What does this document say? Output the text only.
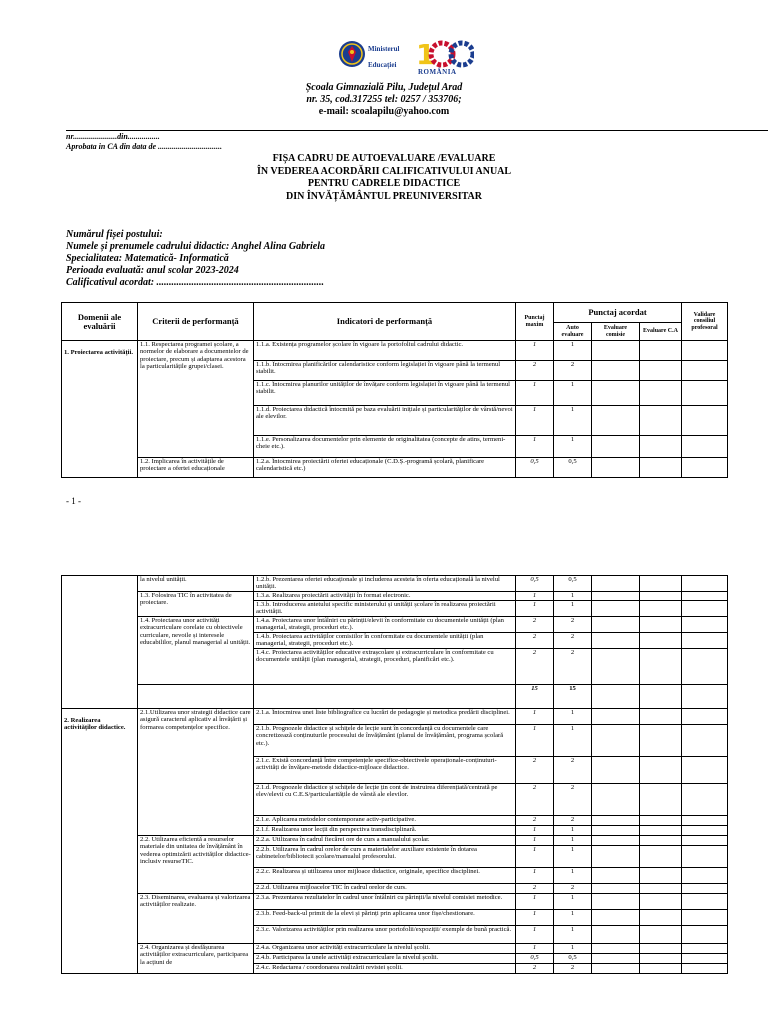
Ministerul
Educației 1
ROMÂNIA
Școala Gimnazială Pilu, Județul Arad
nr. 35, cod.317255 tel: 0257 / 353706;
e-mail: scoalapilu@yahoo.com
nr......................din................
Aprobata in CA din data de ................................
FIȘA CADRU DE AUTOEVALUARE /EVALUARE
ÎN VEDEREA ACORDĂRII CALIFICATIVULUI ANUAL
PENTRU CADRELE DIDACTICE
DIN ÎNVĂȚĂMÂNTUL PREUNIVERSITAR
Numărul fișei postului:
Numele și prenumele cadrului didactic: Anghel Alina Gabriela
Specialitatea: Matematică- Informatică
Perioada evaluată: anul scolar 2023-2024
Calificativul acordat: ...................................................................
Domenii ale evaluării	Criterii de performanță	Indicatori de performanță	Punctaj maxim	Punctaj acordat			Validare consiliul profesoral
				Auto evaluare	Evaluare comisie	Evaluare C.A	
1. Proiectarea activității.	1.1. Respectarea programei școlare, a normelor de elaborare a documentelor de proiectare, precum și adaptarea acestora la particularitățile grupei/clasei.	1.1.a. Existența programelor școlare în vigoare la portofoliul cadrului didactic.	1	1			
		1.1.b. Întocmirea planificărilor calendaristice conform legislației în vigoare până la termenul stabilit.	2	2			
		1.1.c. Întocmirea planurilor unităților de învățare conform legislației în vigoare până la termenul stabilit.	1	1			
		1.1.d. Proiectarea didactică întocmită pe baza evaluării inițiale și particularităților de vârstă/nevoi ale elevilor.	1	1			
		1.1.e. Personalizarea documentelor prin elemente de originalitatea (concepte de atins, termeni-cheie etc.).	1	1			
	1.2. Implicarea în activitățile de proiectare a ofertei educaționale	1.2.a. Întocmirea proiectării ofertei educaționale (C.D.Ș.-programă școlară, planificare calendaristică etc.)	0,5	0,5			
- 1 -
	la nivelul unității.	1.2.b. Prezentarea ofertei educaționale și includerea acesteia în oferta educațională la nivelul unității.	0,5	0,5			
	1.3. Folosirea TIC în activitatea de proiectare.	1.3.a. Realizarea proiectării activității în format electronic.	1	1			
		1.3.b. Introducerea antetului specific ministerului și unității școlare în realizarea proiectării activității.	1	1			
	1.4. Proiectarea unor activități extracurriculare corelate cu obiectivele curriculare, nevoile și interesele educabililor, planul managerial al unității.	1.4.a. Proiectarea unor întâlniri cu părinții/elevii în conformitate cu documentele unității (plan managerial, strategii, proceduri etc.).	2	2			
		1.4.b. Proiectarea activităților comisiilor în conformitate cu documentele unității (plan managerial, strategii, proceduri etc.).	2	2			
		1.4.c. Proiectarea activităților educative extrașcolare și extracurriculare în conformitate cu documentele unității (plan managerial, strategii, proceduri, planificări etc.).	2	2			
			15	15			
2. Realizarea activităților didactice.	2.1.Utilizarea unor strategii didactice care asigură caracterul aplicativ al învățării și formarea competențelor specifice.	2.1.a. Întocmirea unei liste bibliografice cu lucrări de pedagogie și metodica predării disciplinei.	1	1			
		2.1.b. Prognozele didactice și schițele de lecție sunt în concordanță cu documentele care concretizează conținuturile procesului de învățământ (planul de învățământ, programa școlară etc.).	1	1			
		2.1.c. Există concordanță între competențele specifice-obiectivele operaționale-conținuturi-activități de învățare-metode didactice-mijloace didactice.	2	2			
		2.1.d. Prognozele didactice și schițele de lecție țin cont de instruirea diferențiată/centrată pe elev/elevii cu C.E.S/particularitățile de vârstă ale elevilor.	2	2			
		2.1.e. Aplicarea metodelor contemporane activ-participative.	2	2			
		2.1.f. Realizarea unor lecții din perspectiva transdisciplinară.	1	1			
	2.2. Utilizarea eficientă a resurselor materiale din unitatea de învățământ în vederea optimizării activităților didactice- inclusiv resurseTIC.	2.2.a. Utilizarea în cadrul fiecărei ore de curs a manualului școlar.	1	1			
		2.2.b. Utilizarea în cadrul orelor de curs a materialelor auxiliare existente în dotarea cabinetelor/bibliotecii școlare/manualul profesorului.	1	1			
		2.2.c. Realizarea și utilizarea unor mijloace didactice, originale, specifice disciplinei.	1	1			
		2.2.d. Utilizarea mijloacelor TIC în cadrul orelor de curs.	2	2			
	2.3. Diseminarea, evaluarea și valorizarea activităților realizate.	2.3.a. Prezentarea rezultatelor în cadrul unor întâlniri cu părinții/la nivelul comisiei metodice.	1	1			
		2.3.b. Feed-back-ul primit de la elevi și părinți prin aplicarea unor fișe/chestionare.	1	1			
		2.3.c. Valorizarea activităților prin realizarea unor portofolii/expoziții/ exemple de bună practică.	1	1			
	2.4. Organizarea și desfășurarea activităților extracurriculare, participarea la acțiuni de	2.4.a. Organizarea unor activități extracurriculare la nivelul școlii.	1	1			
		2.4.b. Participarea la unele activități extracurriculare la nivelul școlii.	0,5	0,5			
		2.4.c. Redactarea / coordonarea realizării revistei școlii.	2	2			
